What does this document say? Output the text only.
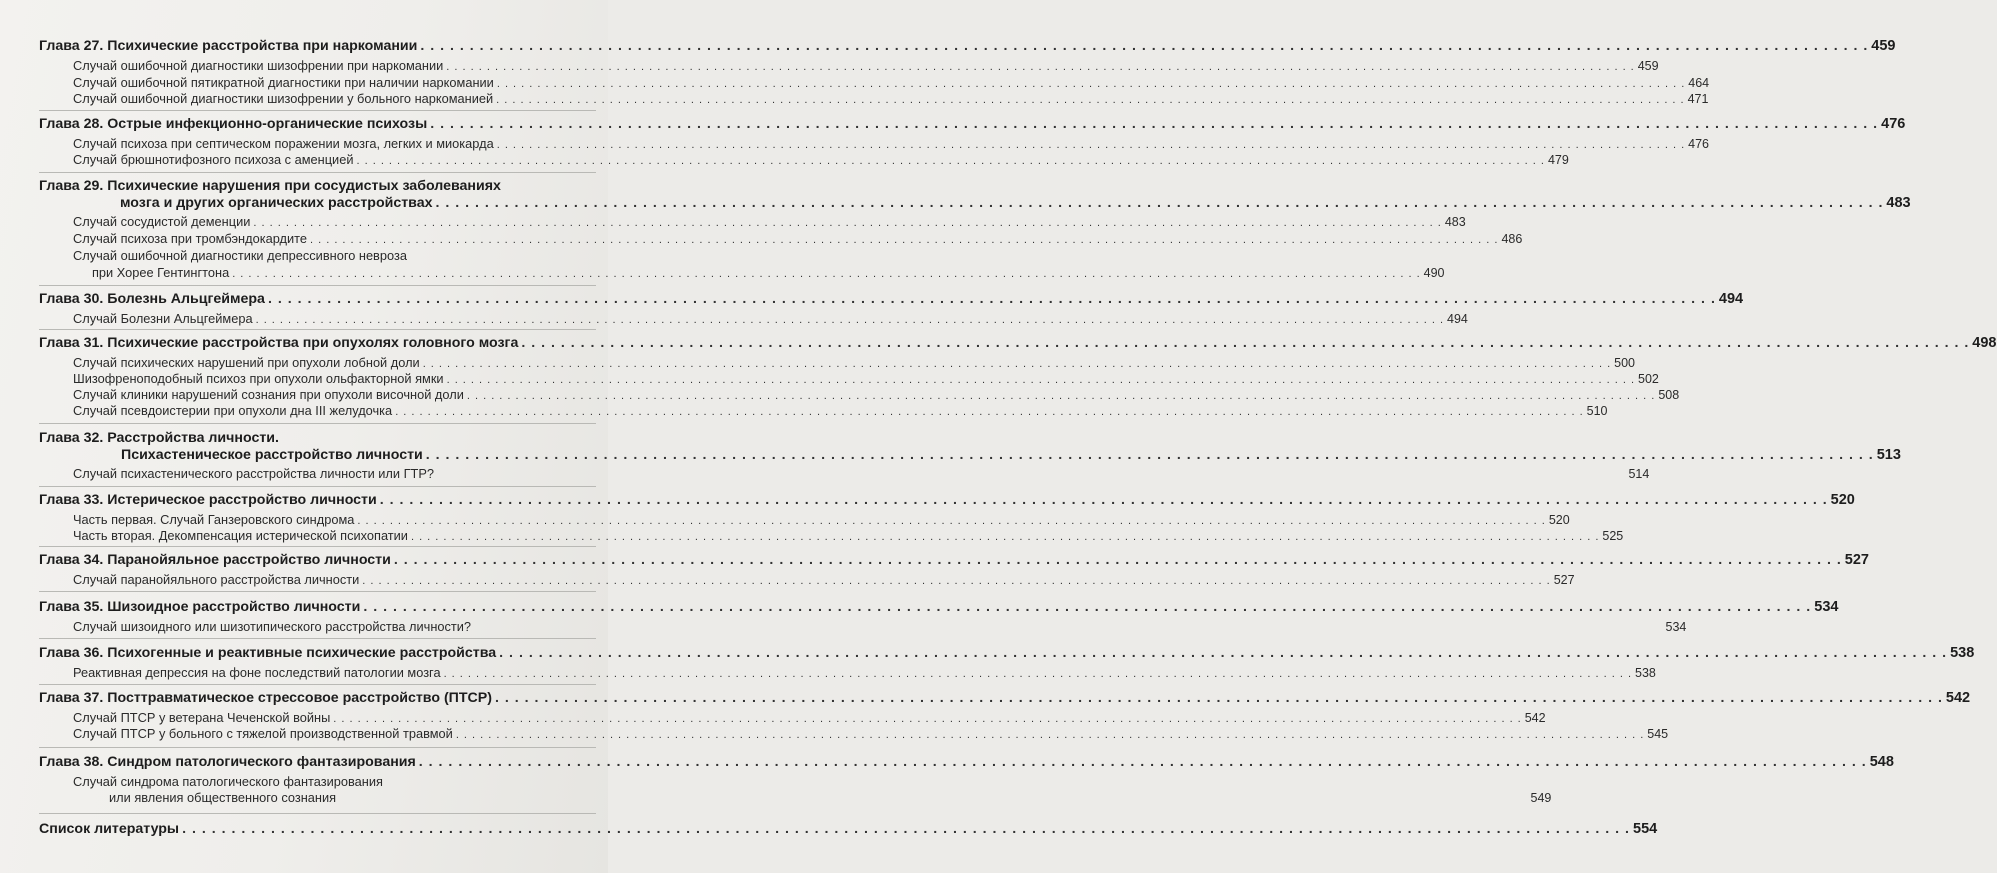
Глава 27. Психические расстройства при наркомании . . .	459
Случай ошибочной диагностики шизофрении при наркомании . . .	459
Случай ошибочной пятикратной диагностики при наличии наркомании . . .	464
Случай ошибочной диагностики шизофрении у больного наркоманией . . .	471
Глава 28. Острые инфекционно-органические психозы . . .	476
Случай психоза при септическом поражении мозга, легких и миокарда . . .	476
Случай брюшнотифозного психоза с аменцией . . .	479
Глава 29. Психические нарушения при сосудистых заболеваниях
мозга и других органических расстройствах . . .	483
Случай сосудистой деменции . . .	483
Случай психоза при тромбэндокардите . . .	486
Случай ошибочной диагностики депрессивного невроза
при Хорее Гентингтона . . .	490
Глава 30. Болезнь Альцгеймера . . .	494
Случай Болезни Альцгеймера . . .	494
Глава 31. Психические расстройства при опухолях головного мозга . . .	498
Случай психических нарушений при опухоли лобной доли . . .	500
Шизофреноподобный психоз при опухоли ольфакторной ямки . . .	502
Случай клиники нарушений сознания при опухоли височной доли . . .	508
Случай псевдоистерии при опухоли дна III желудочка . . .	510
Глава 32. Расстройства личности.
Психастеническое расстройство личности . . .	513
Случай психастенического расстройства личности или ГТР?	514
Глава 33. Истерическое расстройство личности . . .	520
Часть первая. Случай Ганзеровского синдрома . . .	520
Часть вторая. Декомпенсация истерической психопатии . . .	525
Глава 34. Паранойяльное расстройство личности . . .	527
Случай паранойяльного расстройства личности . . .	527
Глава 35. Шизоидное расстройство личности . . .	534
Случай шизоидного или шизотипического расстройства личности?	534
Глава 36. Психогенные и реактивные психические расстройства . . .	538
Реактивная депрессия на фоне последствий патологии мозга . . .	538
Глава 37. Посттравматическое стрессовое расстройство (ПТСР) . . .	542
Случай ПТСР у ветерана Чеченской войны . . .	542
Случай ПТСР у больного с тяжелой производственной травмой . . .	545
Глава 38. Синдром патологического фантазирования . . .	548
Случай синдрома патологического фантазирования
или явления общественного сознания	549
Список литературы . . .	554
